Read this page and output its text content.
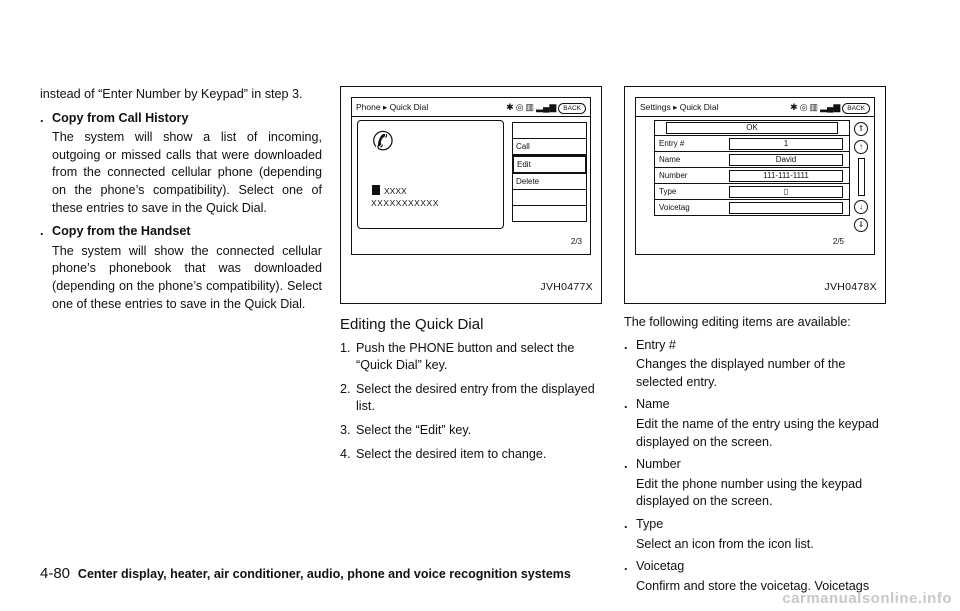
instead of “Enter Number by Keypad” in step 3.

. Copy from Call History

The system will show a list of incoming, outgoing or missed calls that were downloaded from the connected cellular phone (depending on the phone’s compatibility). Select one of these entries to save in the Quick Dial.

. Copy from the Handset

The system will show the connected cellular phone’s phonebook that was downloaded (depending on the phone’s compatibility). Select one of these entries to save in the Quick Dial.

Phone ▸ Quick Dial	✱ ◎ ▥ ▂▄▆	BACK
✆
XXXX
XXXXXXXXXXX
Call
Edit
Delete
2/3
JVH0477X
Editing the Quick Dial
1. Push the PHONE button and select the “Quick Dial” key.
2. Select the desired entry from the displayed list.
3. Select the “Edit” key.
4. Select the desired item to change.
Settings ▸ Quick Dial	✱ ◎ ▥ ▂▄▆	BACK
OK
Entry #	1
Name	David
Number	111-111-1111
Type	▯
Voicetag
⇑
↑
↓
⇓
2/5
JVH0478X

The following editing items are available:

. Entry #
Changes the displayed number of the selected entry.
. Name
Edit the name of the entry using the keypad displayed on the screen.
. Number
Edit the phone number using the keypad displayed on the screen.
. Type
Select an icon from the icon list.
. Voicetag
Confirm and store the voicetag. Voicetags
4-80 Center display, heater, air conditioner, audio, phone and voice recognition systems
carmanualsonline.info
